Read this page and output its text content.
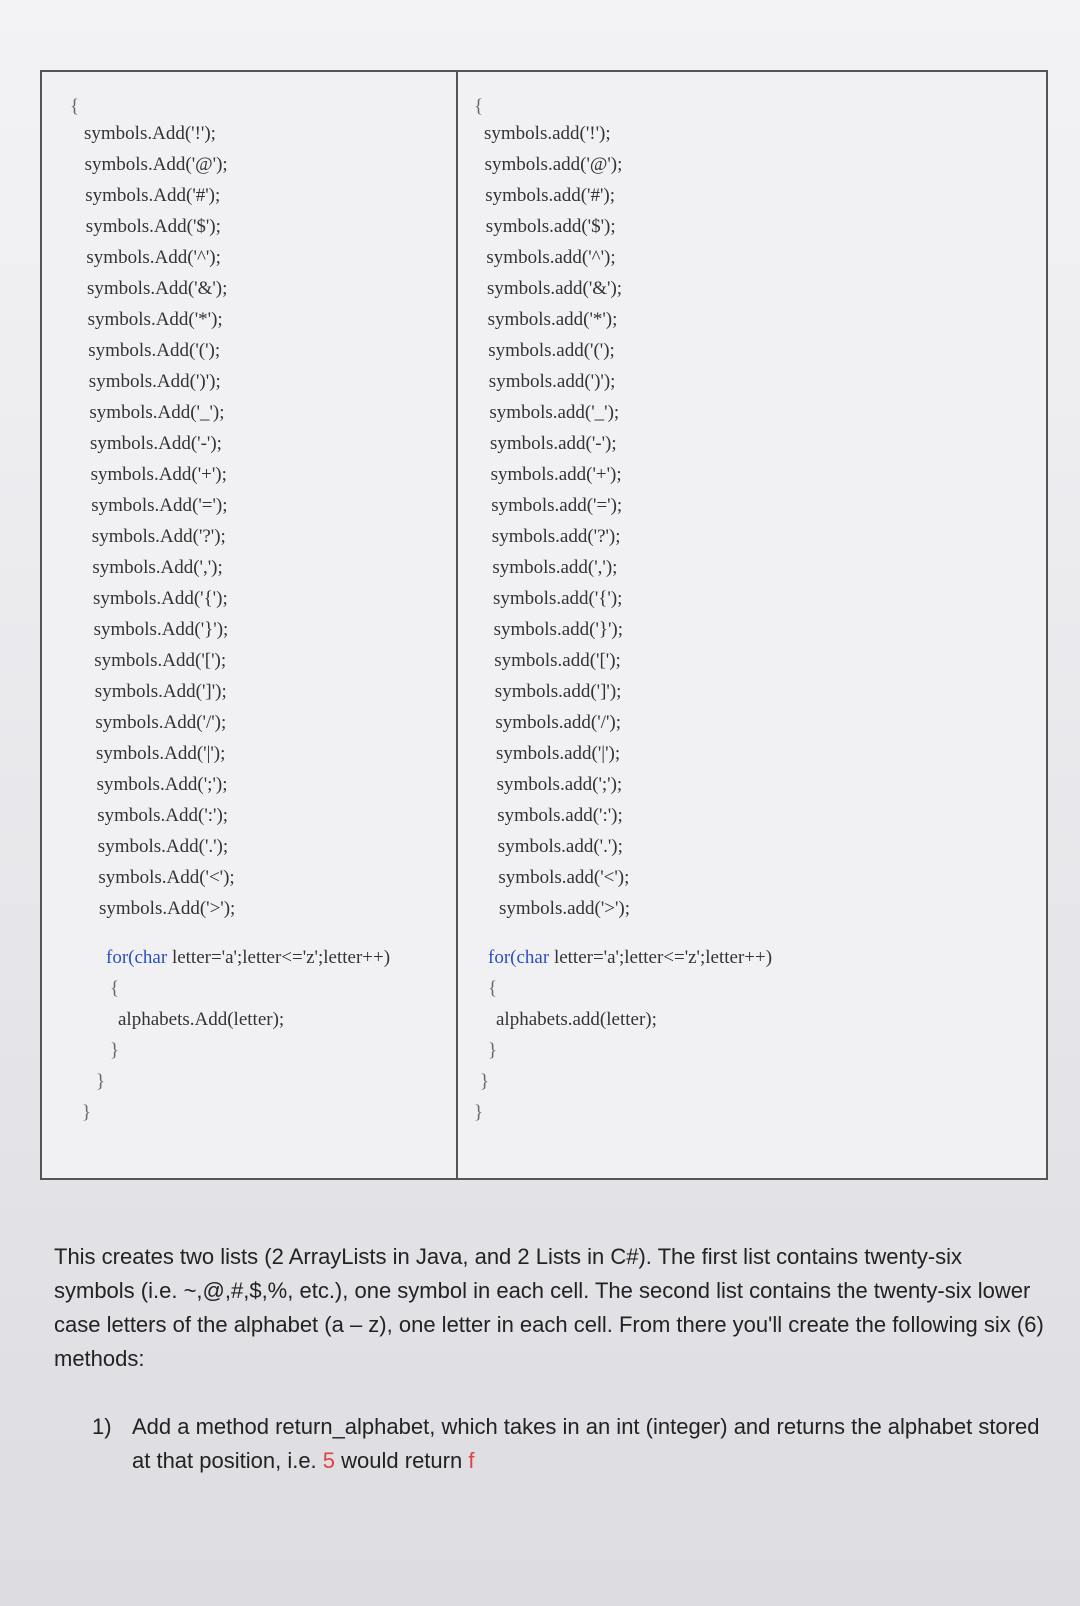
{
symbols.Add('!');
symbols.Add('@');
symbols.Add('#');
symbols.Add('$');
symbols.Add('^');
symbols.Add('&');
symbols.Add('*');
symbols.Add('(');
symbols.Add(')');
symbols.Add('_');
symbols.Add('-');
symbols.Add('+');
symbols.Add('=');
symbols.Add('?');
symbols.Add(',');
symbols.Add('{');
symbols.Add('}');
symbols.Add('[');
symbols.Add(']');
symbols.Add('/');
symbols.Add('|');
symbols.Add(';');
symbols.Add(':');
symbols.Add('.');
symbols.Add('<');
symbols.Add('>');
for(char letter='a';letter<='z';letter++)
{
alphabets.Add(letter);
}
}
}
{
symbols.add('!');
symbols.add('@');
symbols.add('#');
symbols.add('$');
symbols.add('^');
symbols.add('&');
symbols.add('*');
symbols.add('(');
symbols.add(')');
symbols.add('_');
symbols.add('-');
symbols.add('+');
symbols.add('=');
symbols.add('?');
symbols.add(',');
symbols.add('{');
symbols.add('}');
symbols.add('[');
symbols.add(']');
symbols.add('/');
symbols.add('|');
symbols.add(';');
symbols.add(':');
symbols.add('.');
symbols.add('<');
symbols.add('>');
for(char letter='a';letter<='z';letter++)
{
alphabets.add(letter);
}
}
}

This creates two lists (2 ArrayLists in Java, and 2 Lists in C#). The first list contains twenty-six symbols (i.e. ~,@,#,$,%, etc.), one symbol in each cell. The second list contains the twenty-six lower case letters of the alphabet (a – z), one letter in each cell. From there you'll create the following six (6) methods:

1) Add a method return_alphabet, which takes in an int (integer) and returns the alphabet stored at that position, i.e. 5 would return f
